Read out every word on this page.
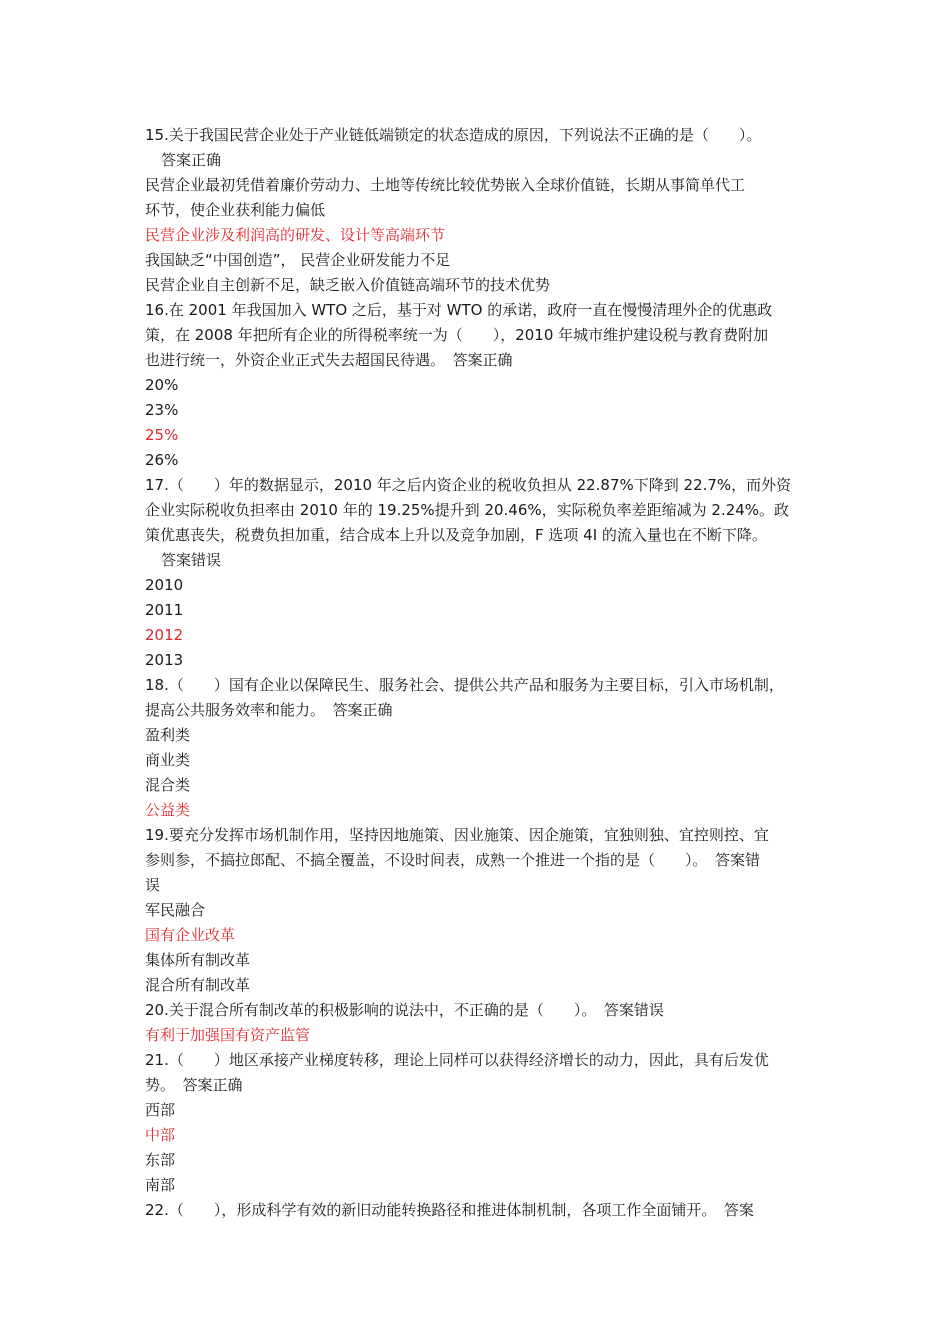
15.关于我国民营企业处于产业链低端锁定的状态造成的原因，下列说法不正确的是（　　）。
答案正确
民营企业最初凭借着廉价劳动力、土地等传统比较优势嵌入全球价值链，长期从事简单代工
环节，使企业获利能力偏低
民营企业涉及利润高的研发、设计等高端环节
我国缺乏“中国创造”， 民营企业研发能力不足
民营企业自主创新不足，缺乏嵌入价值链高端环节的技术优势
16.在 2001 年我国加入 WTO 之后，基于对 WTO 的承诺，政府一直在慢慢清理外企的优惠政
策，在 2008 年把所有企业的所得税率统一为（　　），2010 年城市维护建设税与教育费附加
也进行统一，外资企业正式失去超国民待遇。　答案正确
20%
23%
25%
26%
17.（　　）年的数据显示，2010 年之后内资企业的税收负担从 22.87%下降到 22.7%，而外资
企业实际税收负担率由 2010 年的 19.25%提升到 20.46%，实际税负率差距缩减为 2.24%。政
策优惠丧失，税费负担加重，结合成本上升以及竞争加剧，F 选项 4I 的流入量也在不断下降。
答案错误
2010
2011
2012
2013
18.（　　）国有企业以保障民生、服务社会、提供公共产品和服务为主要目标，引入市场机制，
提高公共服务效率和能力。　答案正确
盈利类
商业类
混合类
公益类
19.要充分发挥市场机制作用，坚持因地施策、因业施策、因企施策，宜独则独、宜控则控、宜
参则参，不搞拉郎配、不搞全覆盖，不设时间表，成熟一个推进一个指的是（　　）。　答案错
误
军民融合
国有企业改革
集体所有制改革
混合所有制改革
20.关于混合所有制改革的积极影响的说法中，不正确的是（　　）。　答案错误
有利于加强国有资产监管
21.（　　）地区承接产业梯度转移，理论上同样可以获得经济增长的动力，因此，具有后发优
势。　答案正确
西部
中部
东部
南部
22.（　　），形成科学有效的新旧动能转换路径和推进体制机制，各项工作全面铺开。　答案
